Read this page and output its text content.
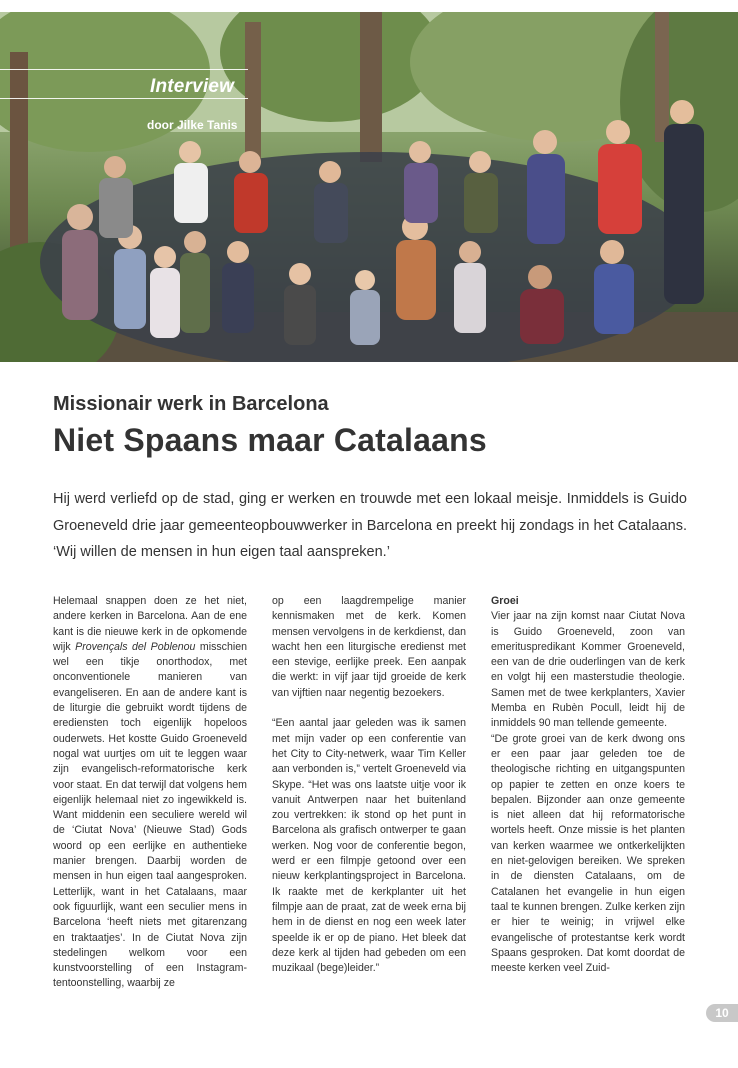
Interview
door Jilke Tanis
Missionair werk in Barcelona
Niet Spaans maar Catalaans
Hij werd verliefd op de stad, ging er werken en trouwde met een lokaal meisje. Inmiddels is Guido Groeneveld drie jaar gemeenteopbouwwerker in Barcelona en preekt hij zondags in het Catalaans. ‘Wij willen de mensen in hun eigen taal aanspreken.’

Helemaal snappen doen ze het niet, andere kerken in Barcelona. Aan de ene kant is die nieuwe kerk in de opkomende wijk Provençals del Poblenou misschien wel een tikje onorthodox, met onconventionele manieren van evangeliseren. En aan de andere kant is de liturgie die gebruikt wordt tijdens de erediensten toch eigenlijk hopeloos ouderwets. Het kostte Guido Groeneveld nogal wat uurtjes om uit te leggen waar zijn evangelisch-reformatorische kerk voor staat. En dat terwijl dat volgens hem eigenlijk helemaal niet zo ingewikkeld is. Want middenin een seculiere wereld wil de ‘Ciutat Nova’ (Nieuwe Stad) Gods woord op een eerlijke en authentieke manier brengen. Daarbij worden de mensen in hun eigen taal aangesproken. Letterlijk, want in het Catalaans, maar ook figuurlijk, want een seculier mens in Barcelona ‘heeft niets met gitarenzang en traktaatjes’. In de Ciutat Nova zijn stedelingen welkom voor een kunstvoorstelling of een Instagram-tentoonstelling, waarbij ze

op een laagdrempelige manier kennismaken met de kerk. Komen mensen vervolgens in de kerkdienst, dan wacht hen een liturgische eredienst met een stevige, eerlijke preek. Een aanpak die werkt: in vijf jaar tijd groeide de kerk van vijftien naar negentig bezoekers.

“Een aantal jaar geleden was ik samen met mijn vader op een conferentie van het City to City-netwerk, waar Tim Keller aan verbonden is,” vertelt Groeneveld via Skype. “Het was ons laatste uitje voor ik vanuit Antwerpen naar het buitenland zou vertrekken: ik stond op het punt in Barcelona als grafisch ontwerper te gaan werken. Nog voor de conferentie begon, werd er een filmpje getoond over een nieuw kerkplantingsproject in Barcelona. Ik raakte met de kerkplanter uit het filmpje aan de praat, zat de week erna bij hem in de dienst en nog een week later speelde ik er op de piano. Het bleek dat deze kerk al tijden had gebeden om een muzikaal (bege)leider.”

Groei

Vier jaar na zijn komst naar Ciutat Nova is Guido Groeneveld, zoon van emerituspredikant Kommer Groeneveld, een van de drie ouderlingen van de kerk en volgt hij een masterstudie theologie. Samen met de twee kerkplanters, Xavier Memba en Rubèn Pocull, leidt hij de inmiddels 90 man tellende gemeente.

“De grote groei van de kerk dwong ons er een paar jaar geleden toe de theologische richting en uitgangspunten op papier te zetten en onze koers te bepalen. Bijzonder aan onze gemeente is niet alleen dat hij reformatorische wortels heeft. Onze missie is het planten van kerken waarmee we ontkerkelijkten en niet-gelovigen bereiken. We spreken in de diensten Catalaans, om de Catalanen het evangelie in hun eigen taal te kunnen brengen. Zulke kerken zijn er hier te weinig; in vrijwel elke evangelische of protestantse kerk wordt Spaans gesproken. Dat komt doordat de meeste kerken veel Zuid-

10
